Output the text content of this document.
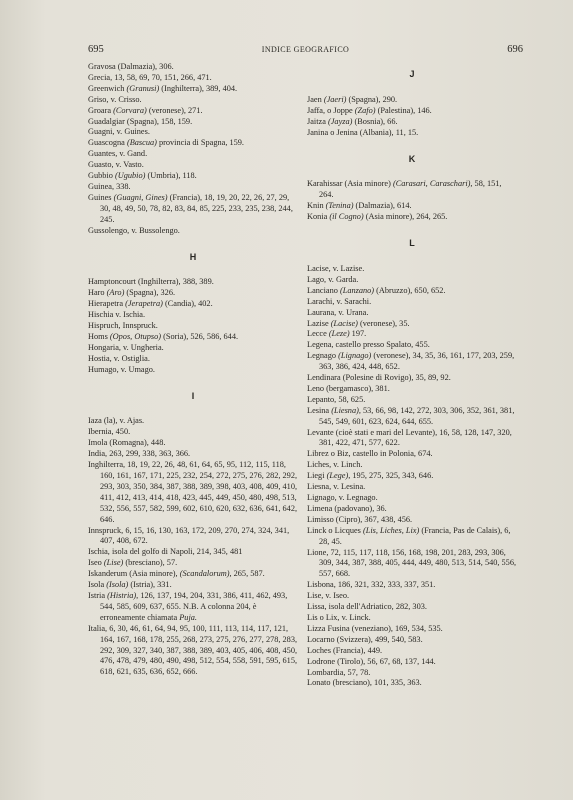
695	INDICE GEOGRAFICO	696

Gravosa (Dalmazia), 306.

Grecia, 13, 58, 69, 70, 151, 266, 471.

Greenwich (Granusi) (Inghilterra), 389, 404.

Griso, v. Crisso.

Groara (Corvara) (veronese), 271.

Guadalgiar (Spagna), 158, 159.

Guagni, v. Guines.

Guascogna (Bascua) provincia di Spagna, 159.

Guantes, v. Gand.

Guasto, v. Vasto.

Gubbio (Ugubio) (Umbria), 118.

Guinea, 338.

Guines (Guagni, Gines) (Francia), 18, 19, 20, 22, 26, 27, 29, 30, 48, 49, 50, 78, 82, 83, 84, 85, 225, 233, 235, 238, 244, 245.

Gussolengo, v. Bussolengo.

H

Hamptoncourt (Inghilterra), 388, 389.

Haro (Aro) (Spagna), 326.

Hierapetra (Jerapetra) (Candia), 402.

Hischia v. Ischia.

Hispruch, Innspruck.

Homs (Opos, Otupso) (Soria), 526, 586, 644.

Hongaria, v. Ungheria.

Hostia, v. Ostiglia.

Humago, v. Umago.

I

Iaza (la), v. Ajas.

Ibernia, 450.

Imola (Romagna), 448.

India, 263, 299, 338, 363, 366.

Inghilterra, 18, 19, 22, 26, 48, 61, 64, 65, 95, 112, 115, 118, 160, 161, 167, 171, 225, 232, 254, 272, 275, 276, 282, 292, 293, 303, 350, 384, 387, 388, 389, 398, 403, 408, 409, 410, 411, 412, 413, 414, 418, 423, 445, 449, 450, 480, 498, 513, 532, 556, 557, 582, 599, 602, 610, 620, 632, 636, 641, 642, 646.

Innspruck, 6, 15, 16, 130, 163, 172, 209, 270, 274, 324, 341, 407, 408, 672.

Ischia, isola del golfo di Napoli, 214, 345, 481

Iseo (Lise) (bresciano), 57.

Iskanderum (Asia minore), (Scandalorum), 265, 587.

Isola (Isola) (Istria), 331.

Istria (Histria), 126, 137, 194, 204, 331, 386, 411, 462, 493, 544, 585, 609, 637, 655. N.B. A colonna 204, è erroneamente chiamata Puja.

Italia, 6, 30, 46, 61, 64, 94, 95, 100, 111, 113, 114, 117, 121, 164, 167, 168, 178, 255, 268, 273, 275, 276, 277, 278, 283, 292, 309, 327, 340, 387, 388, 389, 403, 405, 406, 408, 450, 476, 478, 479, 480, 490, 498, 512, 554, 558, 591, 595, 615, 618, 621, 635, 636, 652, 666.

J

Jaen (Jaeri) (Spagna), 290.

Jaffa, o Joppe (Zafo) (Palestina), 146.

Jaitza (Jayza) (Bosnia), 66.

Janina o Jenina (Albania), 11, 15.

K

Karahissar (Asia minore) (Carasari, Caraschari), 58, 151, 264.

Knin (Tenina) (Dalmazia), 614.

Konia (il Cogno) (Asia minore), 264, 265.

L

Lacise, v. Lazise.

Lago, v. Garda.

Lanciano (Lanzano) (Abruzzo), 650, 652.

Larachi, v. Sarachi.

Laurana, v. Urana.

Lazise (Lacise) (veronese), 35.

Lecce (Leze) 197.

Legena, castello presso Spalato, 455.

Legnago (Lignago) (veronese), 34, 35, 36, 161, 177, 203, 259, 363, 386, 424, 448, 652.

Lendinara (Polesine di Rovigo), 35, 89, 92.

Leno (bergamasco), 381.

Lepanto, 58, 625.

Lesina (Liesna), 53, 66, 98, 142, 272, 303, 306, 352, 361, 381, 545, 549, 601, 623, 624, 644, 655.

Levante (cioè stati e mari del Levante), 16, 58, 128, 147, 320, 381, 422, 471, 577, 622.

Librez o Biz, castello in Polonia, 674.

Liches, v. Linch.

Liegi (Lege), 195, 275, 325, 343, 646.

Liesna, v. Lesina.

Lignago, v. Legnago.

Limena (padovano), 36.

Limisso (Cipro), 367, 438, 456.

Linck o Licques (Lis, Liches, Lix) (Francia, Pas de Calais), 6, 28, 45.

Lione, 72, 115, 117, 118, 156, 168, 198, 201, 283, 293, 306, 309, 344, 387, 388, 405, 444, 449, 480, 513, 514, 540, 556, 557, 668.

Lisbona, 186, 321, 332, 333, 337, 351.

Lise, v. Iseo.

Lissa, isola dell'Adriatico, 282, 303.

Lis o Lix, v. Linck.

Lizza Fusina (veneziano), 169, 534, 535.

Locarno (Svizzera), 499, 540, 583.

Loches (Francia), 449.

Lodrone (Tirolo), 56, 67, 68, 137, 144.

Lombardia, 57, 78.

Lonato (bresciano), 101, 335, 363.
